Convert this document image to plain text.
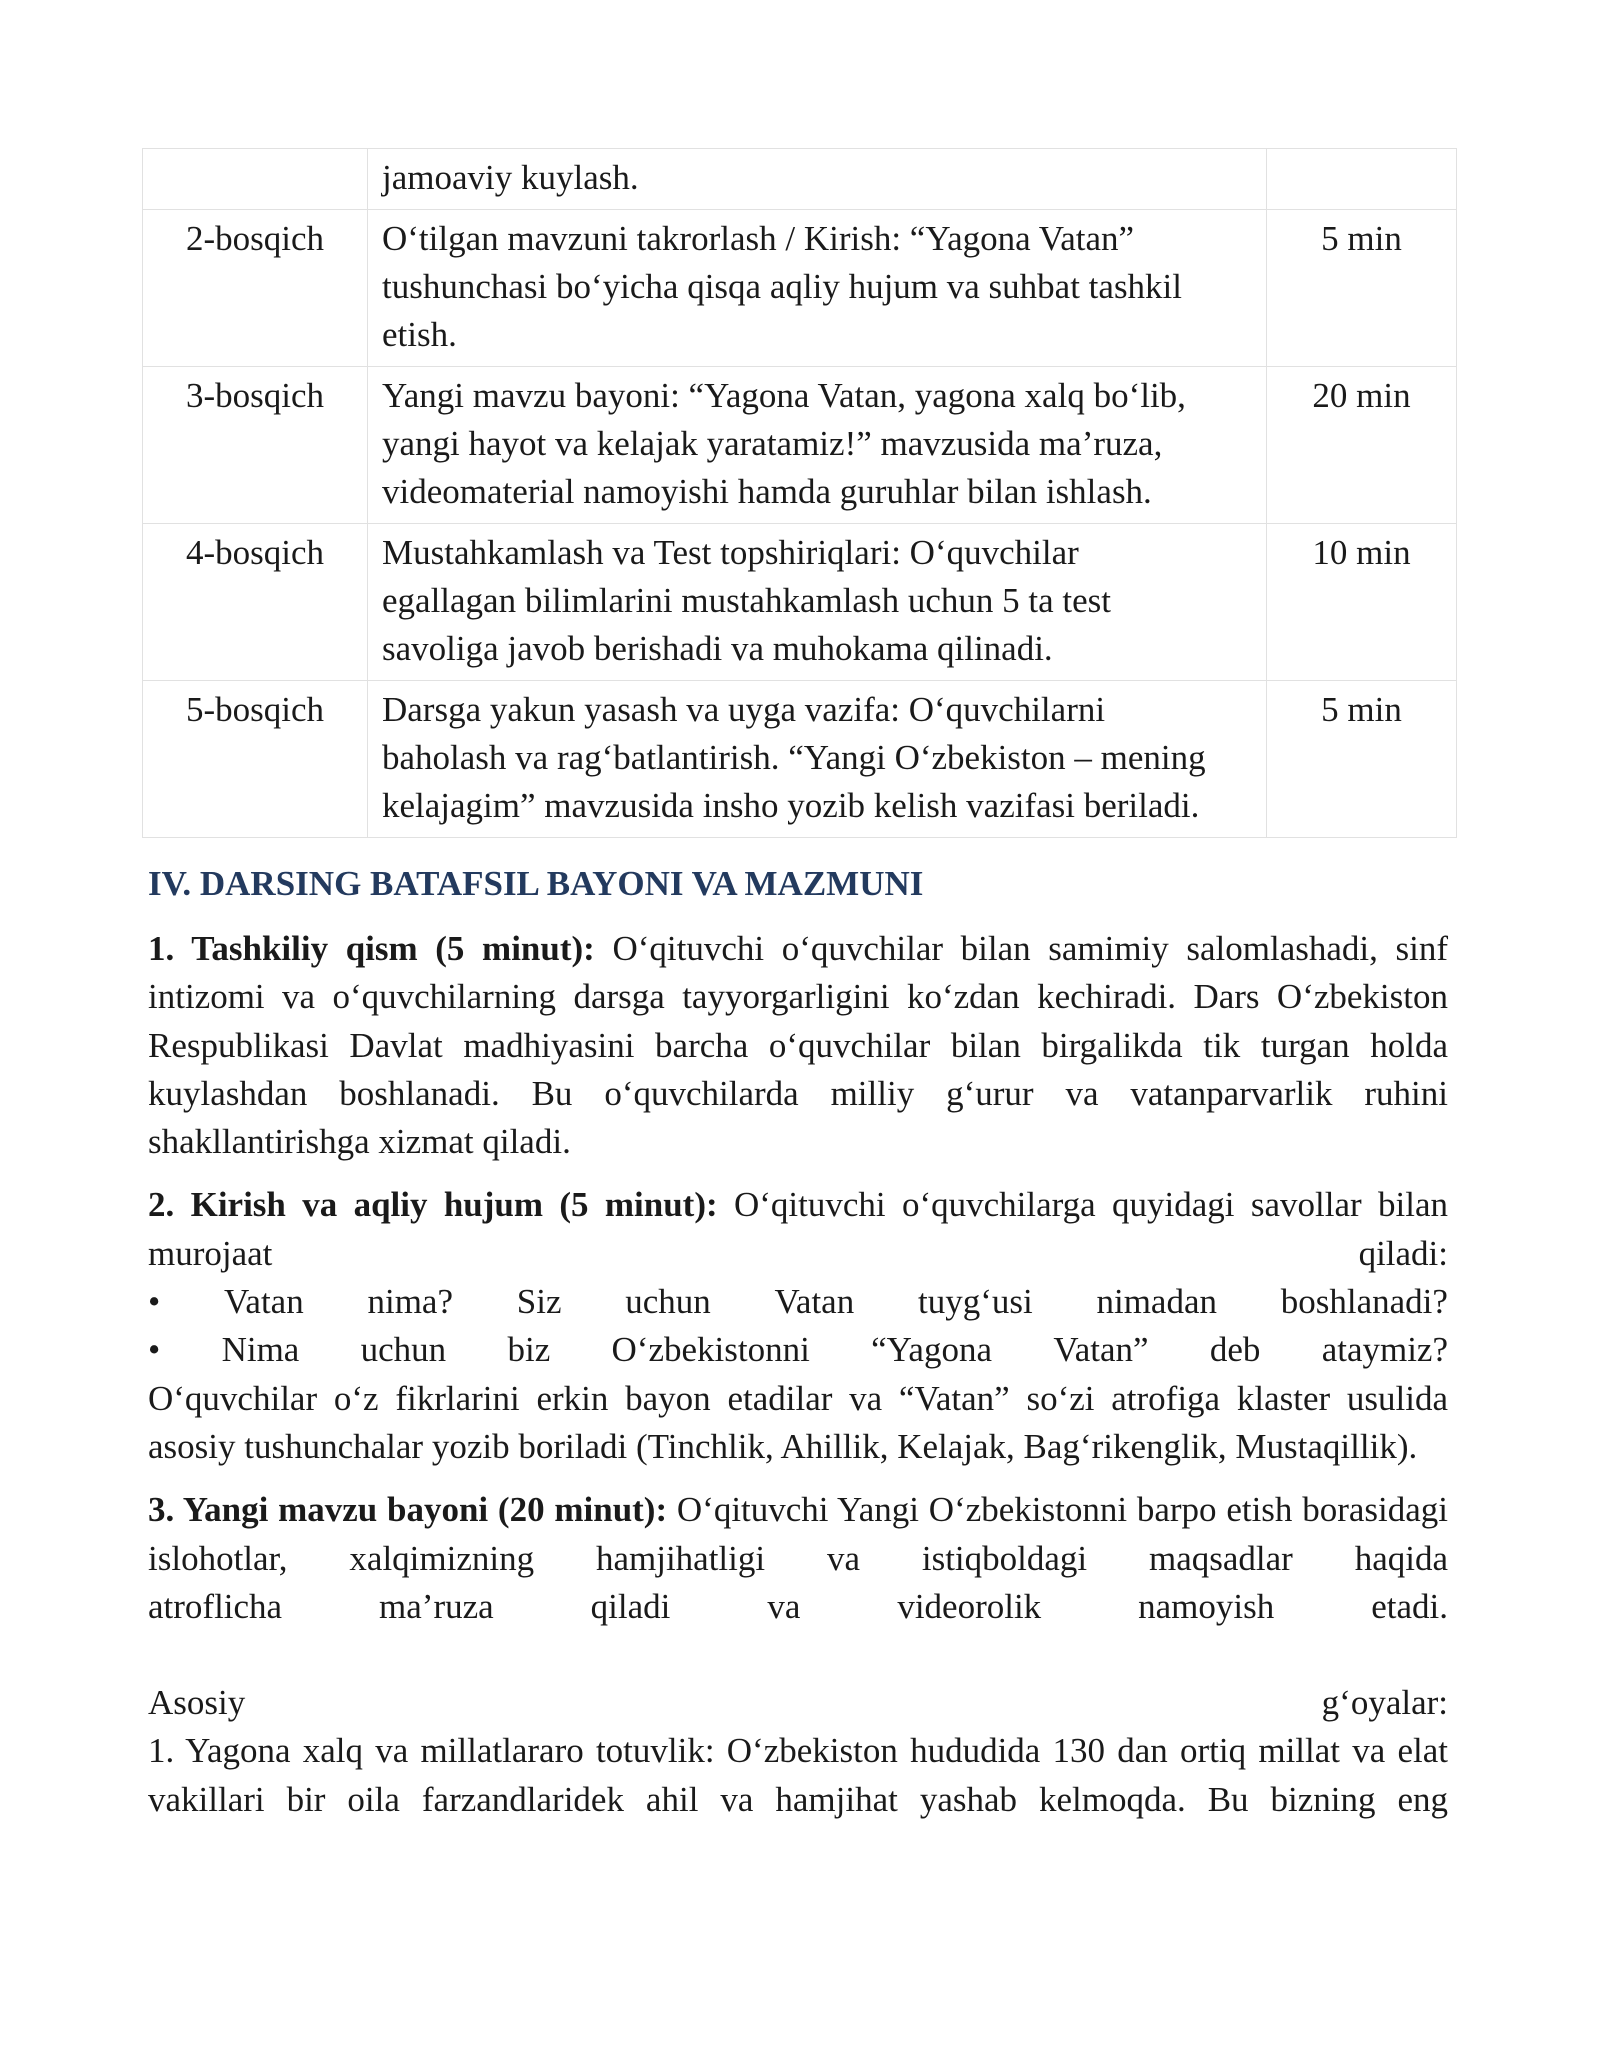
	jamoaviy kuylash.	

2-bosqich	O‘tilgan mavzuni takrorlash / Kirish: “Yagona Vatan”
tushunchasi bo‘yicha qisqa aqliy hujum va suhbat tashkil
etish.	5 min
3-bosqich	Yangi mavzu bayoni: “Yagona Vatan, yagona xalq bo‘lib,
yangi hayot va kelajak yaratamiz!” mavzusida ma’ruza,
videomaterial namoyishi hamda guruhlar bilan ishlash.	20 min
4-bosqich	Mustahkamlash va Test topshiriqlari: O‘quvchilar
egallagan bilimlarini mustahkamlash uchun 5 ta test
savoliga javob berishadi va muhokama qilinadi.	10 min
5-bosqich	Darsga yakun yasash va uyga vazifa: O‘quvchilarni
baholash va rag‘batlantirish. “Yangi O‘zbekiston – mening
kelajagim” mavzusida insho yozib kelish vazifasi beriladi.	5 min
IV. DARSING BATAFSIL BAYONI VA MAZMUNI
1. Tashkiliy qism (5 minut): O‘qituvchi o‘quvchilar bilan samimiy salomlashadi, sinf intizomi va o‘quvchilarning darsga tayyorgarligini ko‘zdan kechiradi. Dars O‘zbekiston Respublikasi Davlat madhiyasini barcha o‘quvchilar bilan birgalikda tik turgan holda kuylashdan boshlanadi. Bu o‘quvchilarda milliy g‘urur va vatanparvarlik ruhini shakllantirishga xizmat qiladi.
2. Kirish va aqliy hujum (5 minut): O‘qituvchi o‘quvchilarga quyidagi savollar bilan
murojaat	qiladi:
• Vatan nima? Siz uchun Vatan tuyg‘usi nimadan boshlanadi?
• Nima uchun biz O‘zbekistonni “Yagona Vatan” deb ataymiz?
O‘quvchilar o‘z fikrlarini erkin bayon etadilar va “Vatan” so‘zi atrofiga klaster usulida asosiy tushunchalar yozib boriladi (Tinchlik, Ahillik, Kelajak, Bag‘rikenglik, Mustaqillik).
3. Yangi mavzu bayoni (20 minut): O‘qituvchi Yangi O‘zbekistonni barpo etish borasidagi islohotlar, xalqimizning hamjihatligi va istiqboldagi maqsadlar haqida
atroflicha	ma’ruza	qiladi	va	videorolik	namoyish	etadi.
Asosiy	g‘oyalar:
1. Yagona xalq va millatlararo totuvlik: O‘zbekiston hududida 130 dan ortiq millat va elat vakillari bir oila farzandlaridek ahil va hamjihat yashab kelmoqda. Bu bizning eng
